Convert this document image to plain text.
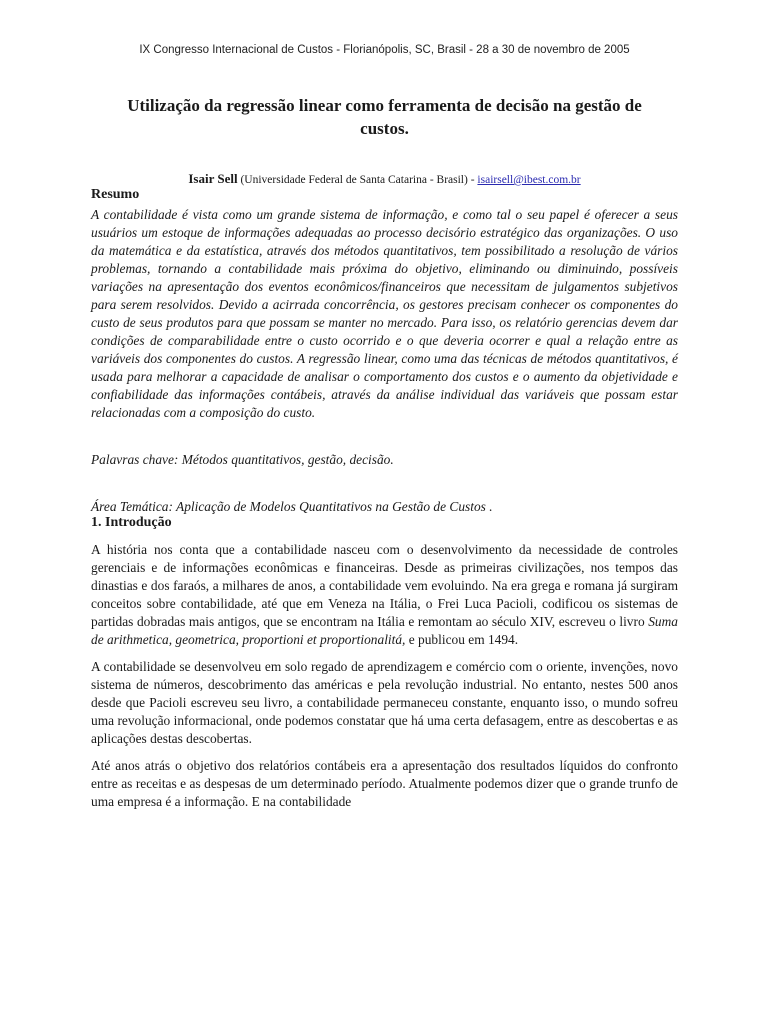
IX Congresso Internacional de Custos - Florianópolis, SC, Brasil - 28 a 30 de novembro de 2005
Utilização da regressão linear como ferramenta de decisão na gestão de custos.
Isair Sell (Universidade Federal de Santa Catarina - Brasil) - isairsell@ibest.com.br
Resumo

A contabilidade é vista como um grande sistema de informação, e como tal o seu papel é oferecer a seus usuários um estoque de informações adequadas ao processo decisório estratégico das organizações. O uso da matemática e da estatística, através dos métodos quantitativos, tem possibilitado a resolução de vários problemas, tornando a contabilidade mais próxima do objetivo, eliminando ou diminuindo, possíveis variações na apresentação dos eventos econômicos/financeiros que necessitam de julgamentos subjetivos para serem resolvidos. Devido a acirrada concorrência, os gestores precisam conhecer os componentes do custo de seus produtos para que possam se manter no mercado. Para isso, os relatório gerencias devem dar condições de comparabilidade entre o custo ocorrido e o que deveria ocorrer e qual a relação entre as variáveis dos componentes do custos. A regressão linear, como uma das técnicas de métodos quantitativos, é usada para melhorar a capacidade de analisar o comportamento dos custos e o aumento da objetividade e confiabilidade das informações contábeis, através da análise individual das variáveis que possam estar relacionadas com a composição do custo.

Palavras chave: Métodos quantitativos, gestão, decisão.
Área Temática: Aplicação de Modelos Quantitativos na Gestão de Custos .
1. Introdução

A história nos conta que a contabilidade nasceu com o desenvolvimento da necessidade de controles gerenciais e de informações econômicas e financeiras. Desde as primeiras civilizações, nos tempos das dinastias e dos faraós, a milhares de anos, a contabilidade vem evoluindo. Na era grega e romana já surgiram conceitos sobre contabilidade, até que em Veneza na Itália, o Frei Luca Pacioli, codificou os sistemas de partidas dobradas mais antigos, que se encontram na Itália e remontam ao século XIV, escreveu o livro Suma de arithmetica, geometrica, proportioni et proportionalitá, e publicou em 1494.

A contabilidade se desenvolveu em solo regado de aprendizagem e comércio com o oriente, invenções, novo sistema de números, descobrimento das américas e pela revolução industrial. No entanto, nestes 500 anos desde que Pacioli escreveu seu livro, a contabilidade permaneceu constante, enquanto isso, o mundo sofreu uma revolução informacional, onde podemos constatar que há uma certa defasagem, entre as descobertas e as aplicações destas descobertas.

Até anos atrás o objetivo dos relatórios contábeis era a apresentação dos resultados líquidos do confronto entre as receitas e as despesas de um determinado período. Atualmente podemos dizer que o grande trunfo de uma empresa é a informação. E na contabilidade
